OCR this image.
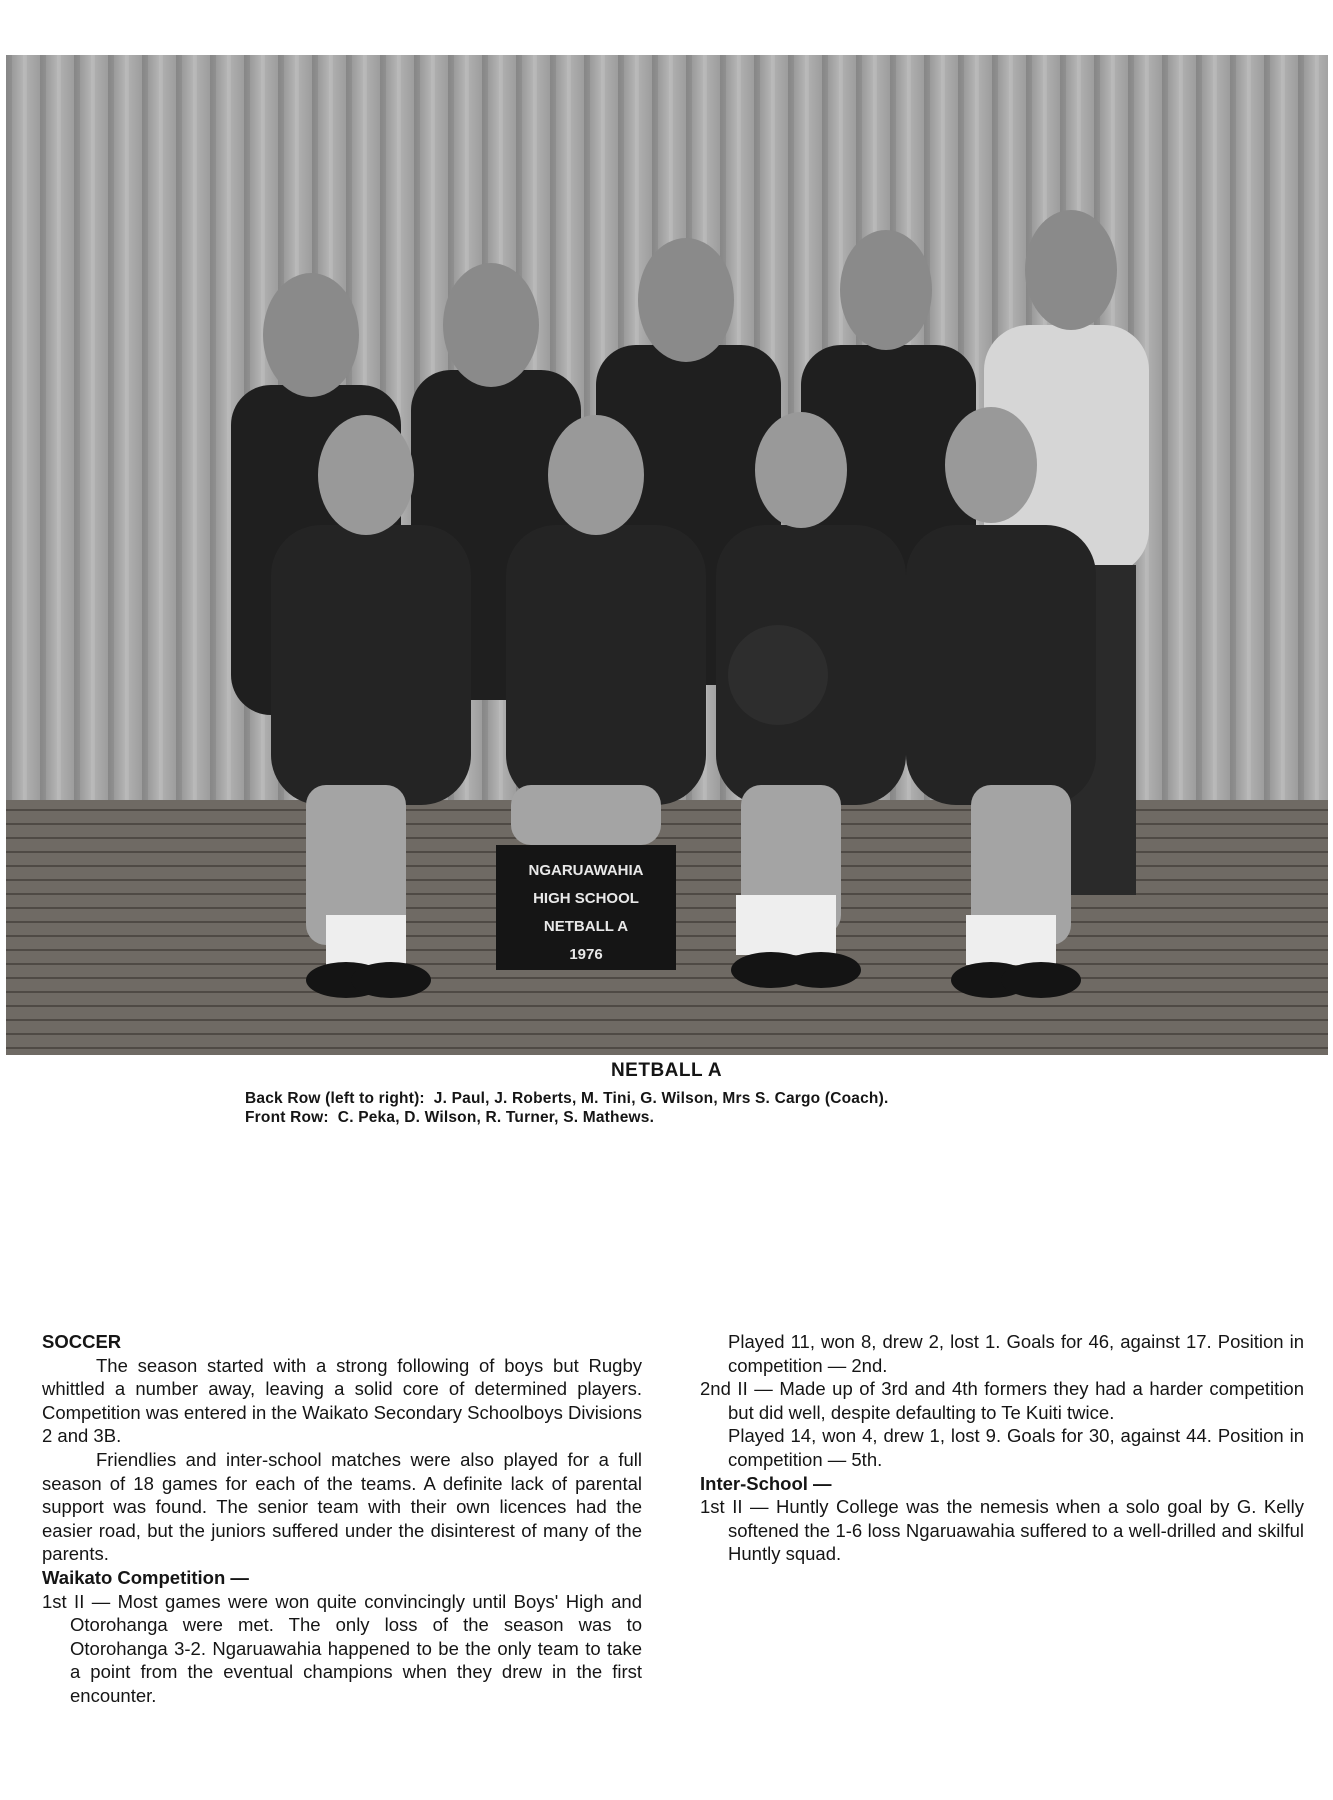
NGARUAWAHIA
HIGH SCHOOL
NETBALL A
1976
NETBALL A
Back Row (left to right):  J. Paul, J. Roberts, M. Tini, G. Wilson, Mrs S. Cargo (Coach).
Front Row:  C. Peka, D. Wilson, R. Turner, S. Mathews.

SOCCER

The season started with a strong following of boys but Rugby whittled a number away, leaving a solid core of determined players. Competition was entered in the Waikato Secondary Schoolboys Divisions 2 and 3B.

Friendlies and inter-school matches were also played for a full season of 18 games for each of the teams. A definite lack of parental support was found. The senior team with their own licences had the easier road, but the juniors suffered under the disinterest of many of the parents.

Waikato Competition —

1st II — Most games were won quite convincingly until Boys' High and Otorohanga were met. The only loss of the season was to Otorohanga 3-2. Ngaruawahia happened to be the only team to take a point from the eventual champions when they drew in the first encounter.

Played 11, won 8, drew 2, lost 1. Goals for 46, against 17. Position in competition — 2nd.

2nd II — Made up of 3rd and 4th formers they had a harder competition but did well, despite defaulting to Te Kuiti twice.

Played 14, won 4, drew 1, lost 9. Goals for 30, against 44. Position in competition — 5th.

Inter-School —

1st II — Huntly College was the nemesis when a solo goal by G. Kelly softened the 1-6 loss Ngaruawahia suffered to a well-drilled and skilful Huntly squad.
